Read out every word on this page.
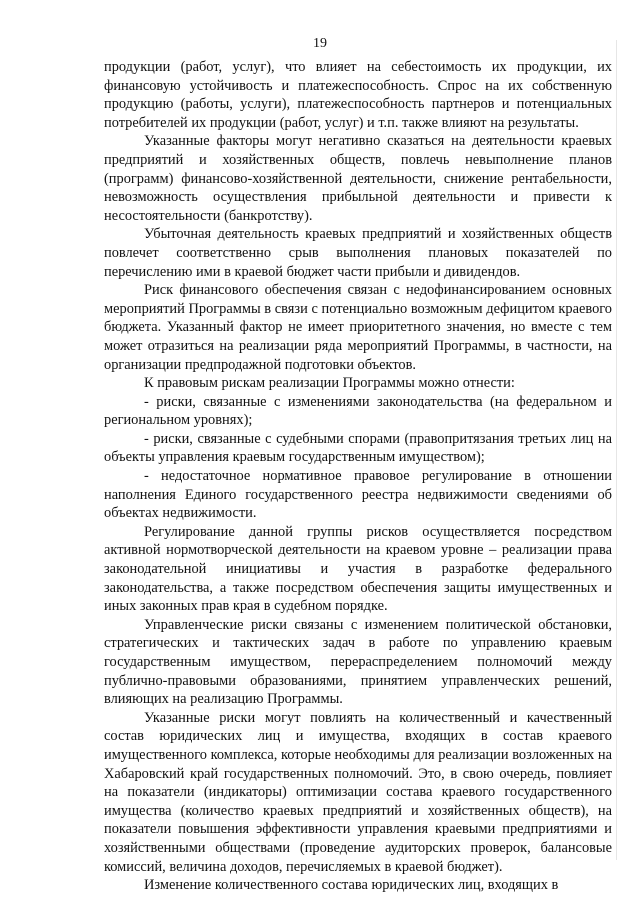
19

продукции (работ, услуг), что влияет на себестоимость их продукции, их финансовую устойчивость и платежеспособность. Спрос на их собственную продукцию (работы, услуги), платежеспособность партнеров и потенциальных потребителей их продукции (работ, услуг) и т.п. также влияют на результаты.

Указанные факторы могут негативно сказаться на деятельности краевых предприятий и хозяйственных обществ, повлечь невыполнение планов (программ) финансово-хозяйственной деятельности, снижение рентабельности, невозможность осуществления прибыльной деятельности и привести к несостоятельности (банкротству).

Убыточная деятельность краевых предприятий и хозяйственных обществ повлечет соответственно срыв выполнения плановых показателей по перечислению ими в краевой бюджет части прибыли и дивидендов.

Риск финансового обеспечения связан с недофинансированием основных мероприятий Программы в связи с потенциально возможным дефицитом краевого бюджета. Указанный фактор не имеет приоритетного значения, но вместе с тем может отразиться на реализации ряда мероприятий Программы, в частности, на организации предпродажной подготовки объектов.

К правовым рискам реализации Программы можно отнести:

- риски, связанные с изменениями законодательства (на федеральном и региональном уровнях);

- риски, связанные с судебными спорами (правопритязания третьих лиц на объекты управления краевым государственным имуществом);

- недостаточное нормативное правовое регулирование в отношении наполнения Единого государственного реестра недвижимости сведениями об объектах недвижимости.

Регулирование данной группы рисков осуществляется посредством активной нормотворческой деятельности на краевом уровне – реализации права законодательной инициативы и участия в разработке федерального законодательства, а также посредством обеспечения защиты имущественных и иных законных прав края в судебном порядке.

Управленческие риски связаны с изменением политической обстановки, стратегических и тактических задач в работе по управлению краевым государственным имуществом, перераспределением полномочий между публично-правовыми образованиями, принятием управленческих решений, влияющих на реализацию Программы.

Указанные риски могут повлиять на количественный и качественный состав юридических лиц и имущества, входящих в состав краевого имущественного комплекса, которые необходимы для реализации возложенных на Хабаровский край государственных полномочий. Это, в свою очередь, повлияет на показатели (индикаторы) оптимизации состава краевого государственного имущества (количество краевых предприятий и хозяйственных обществ), на показатели повышения эффективности управления краевыми предприятиями и хозяйственными обществами (проведение аудиторских проверок, балансовые комиссий, величина доходов, перечисляемых в краевой бюджет).

Изменение количественного состава юридических лиц, входящих в
